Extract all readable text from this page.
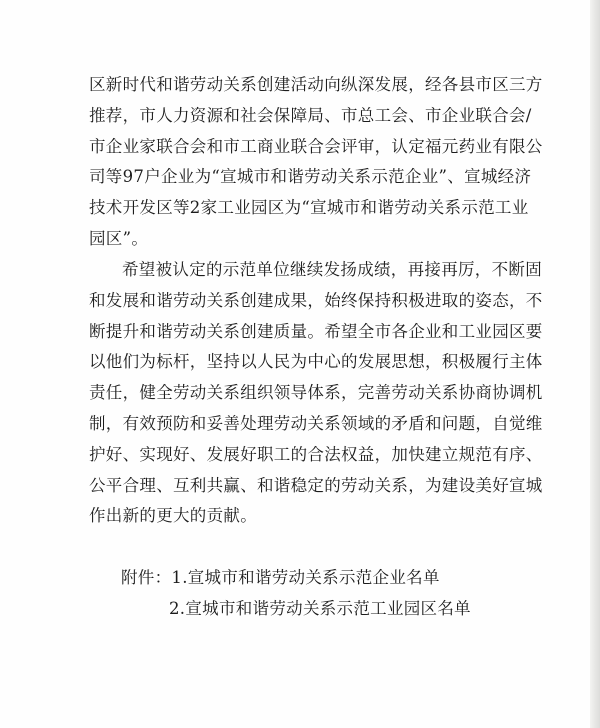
区新时代和谐劳动关系创建活动向纵深发展，经各县市区三方
推荐，市人力资源和社会保障局、市总工会、市企业联合会/
市企业家联合会和市工商业联合会评审，认定福元药业有限公
司等97户企业为“宣城市和谐劳动关系示范企业”、宣城经济
技术开发区等2家工业园区为“宣城市和谐劳动关系示范工业
园区”。
希望被认定的示范单位继续发扬成绩，再接再厉，不断固
和发展和谐劳动关系创建成果，始终保持积极进取的姿态，不
断提升和谐劳动关系创建质量。希望全市各企业和工业园区要
以他们为标杆，坚持以人民为中心的发展思想，积极履行主体
责任，健全劳动关系组织领导体系，完善劳动关系协商协调机
制，有效预防和妥善处理劳动关系领域的矛盾和问题，自觉维
护好、实现好、发展好职工的合法权益，加快建立规范有序、
公平合理、互利共赢、和谐稳定的劳动关系，为建设美好宣城
作出新的更大的贡献。
附件：1.宣城市和谐劳动关系示范企业名单
2.宣城市和谐劳动关系示范工业园区名单
